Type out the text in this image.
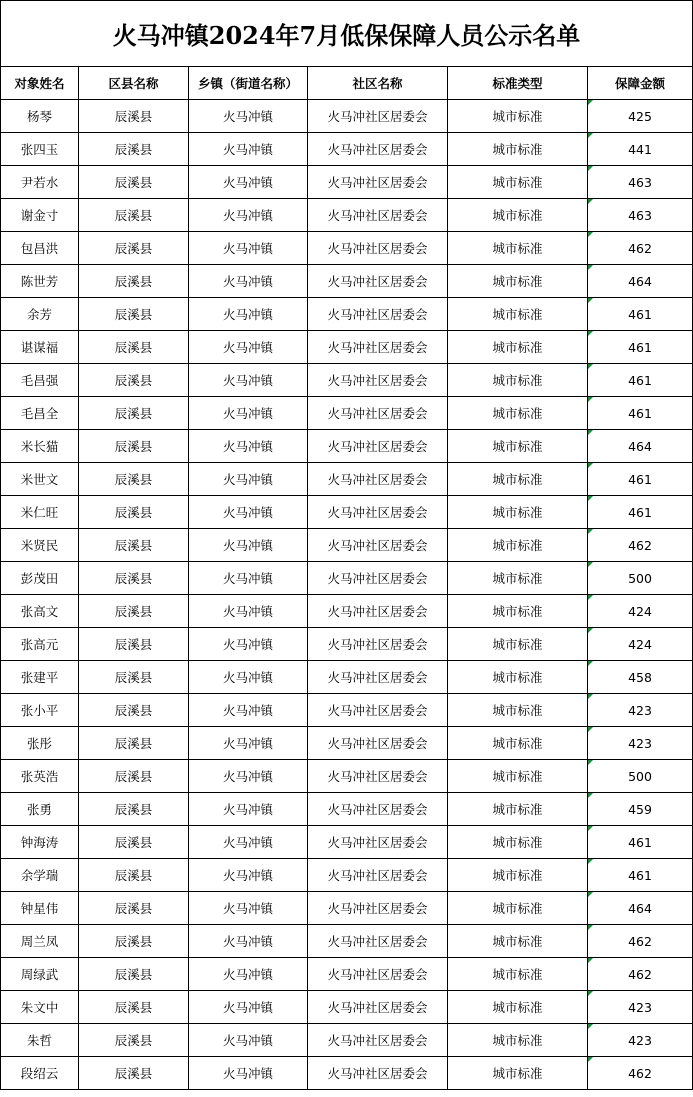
火马冲镇2024年7月低保保障人员公示名单					
对象姓名	区县名称	乡镇（街道名称）	社区名称	标准类型	保障金额
杨琴	辰溪县	火马冲镇	火马冲社区居委会	城市标准	425
张四玉	辰溪县	火马冲镇	火马冲社区居委会	城市标准	441
尹若水	辰溪县	火马冲镇	火马冲社区居委会	城市标准	463
谢金寸	辰溪县	火马冲镇	火马冲社区居委会	城市标准	463
包昌洪	辰溪县	火马冲镇	火马冲社区居委会	城市标准	462
陈世芳	辰溪县	火马冲镇	火马冲社区居委会	城市标准	464
余芳	辰溪县	火马冲镇	火马冲社区居委会	城市标准	461
谌谋福	辰溪县	火马冲镇	火马冲社区居委会	城市标准	461
毛昌强	辰溪县	火马冲镇	火马冲社区居委会	城市标准	461
毛昌全	辰溪县	火马冲镇	火马冲社区居委会	城市标准	461
米长猫	辰溪县	火马冲镇	火马冲社区居委会	城市标准	464
米世文	辰溪县	火马冲镇	火马冲社区居委会	城市标准	461
米仁旺	辰溪县	火马冲镇	火马冲社区居委会	城市标准	461
米贤民	辰溪县	火马冲镇	火马冲社区居委会	城市标准	462
彭茂田	辰溪县	火马冲镇	火马冲社区居委会	城市标准	500
张高文	辰溪县	火马冲镇	火马冲社区居委会	城市标准	424
张高元	辰溪县	火马冲镇	火马冲社区居委会	城市标准	424
张建平	辰溪县	火马冲镇	火马冲社区居委会	城市标准	458
张小平	辰溪县	火马冲镇	火马冲社区居委会	城市标准	423
张彤	辰溪县	火马冲镇	火马冲社区居委会	城市标准	423
张英浩	辰溪县	火马冲镇	火马冲社区居委会	城市标准	500
张勇	辰溪县	火马冲镇	火马冲社区居委会	城市标准	459
钟海涛	辰溪县	火马冲镇	火马冲社区居委会	城市标准	461
余学瑞	辰溪县	火马冲镇	火马冲社区居委会	城市标准	461
钟星伟	辰溪县	火马冲镇	火马冲社区居委会	城市标准	464
周兰凤	辰溪县	火马冲镇	火马冲社区居委会	城市标准	462
周绿武	辰溪县	火马冲镇	火马冲社区居委会	城市标准	462
朱文中	辰溪县	火马冲镇	火马冲社区居委会	城市标准	423
朱哲	辰溪县	火马冲镇	火马冲社区居委会	城市标准	423
段绍云	辰溪县	火马冲镇	火马冲社区居委会	城市标准	462
